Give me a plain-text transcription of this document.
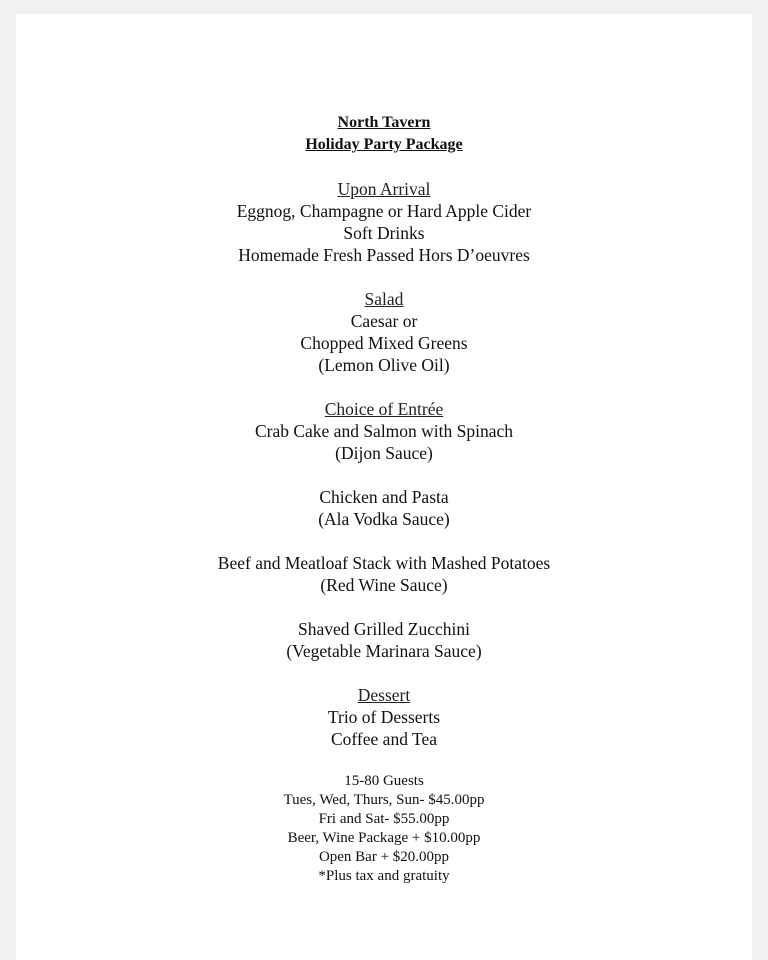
North Tavern

Holiday Party Package

Upon Arrival

Eggnog, Champagne or Hard Apple Cider

Soft Drinks

Homemade Fresh Passed Hors D’oeuvres

Salad

Caesar or

Chopped Mixed Greens

(Lemon Olive Oil)

Choice of Entrée

Crab Cake and Salmon with Spinach

(Dijon Sauce)

Chicken and Pasta

(Ala Vodka Sauce)

Beef and Meatloaf Stack with Mashed Potatoes

(Red Wine Sauce)

Shaved Grilled Zucchini

(Vegetable Marinara Sauce)

Dessert

Trio of Desserts

Coffee and Tea

15-80 Guests

Tues, Wed, Thurs, Sun- $45.00pp

Fri and Sat- $55.00pp

Beer, Wine Package + $10.00pp

Open Bar + $20.00pp

*Plus tax and gratuity
